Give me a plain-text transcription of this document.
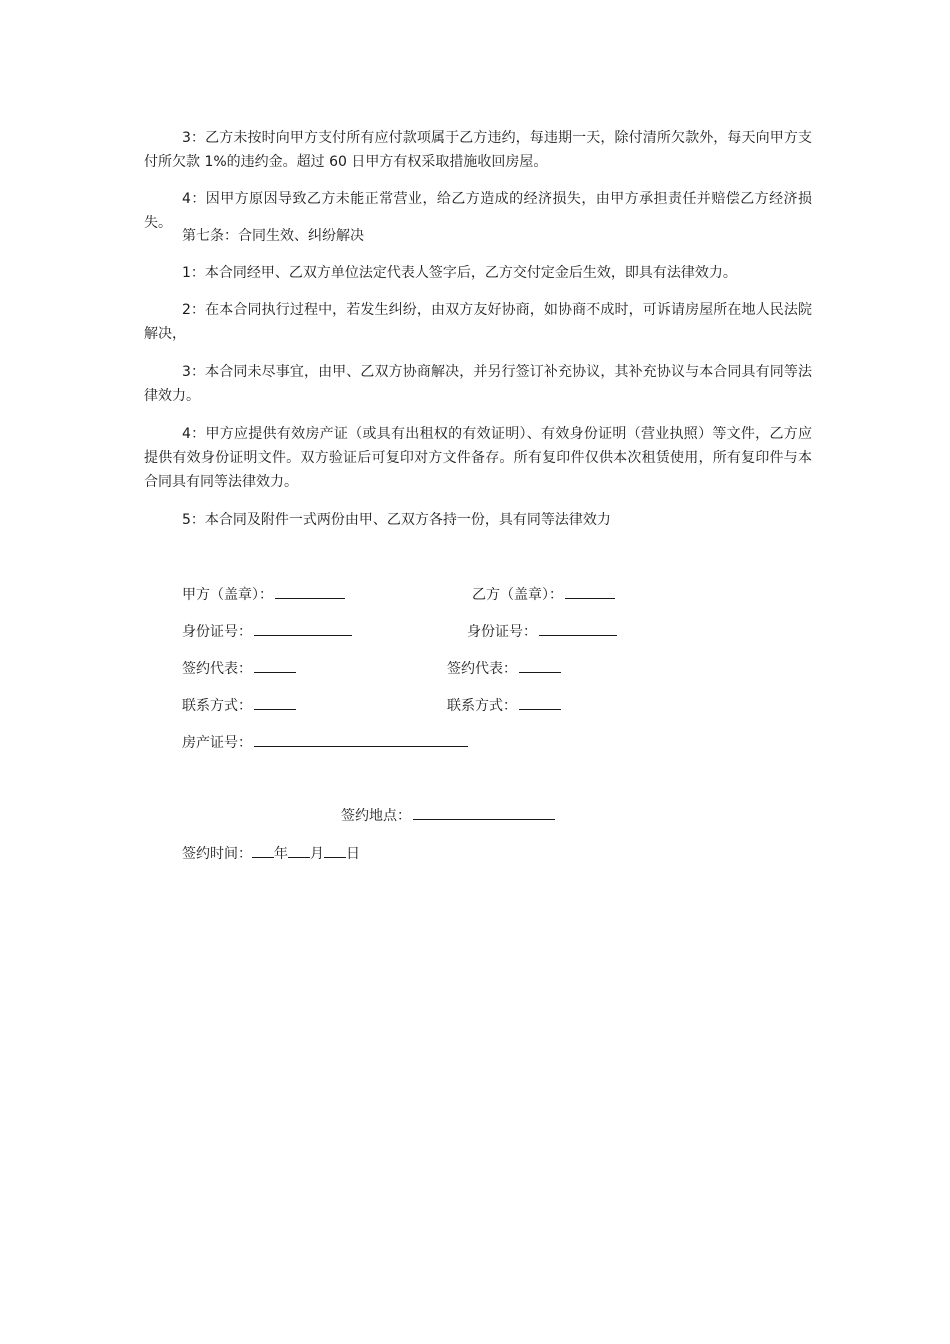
3：乙方未按时向甲方支付所有应付款项属于乙方违约，每违期一天，除付清所欠款外，每天向甲方支付所欠款 1%的违约金。超过 60 日甲方有权采取措施收回房屋。

4：因甲方原因导致乙方未能正常营业，给乙方造成的经济损失，由甲方承担责任并赔偿乙方经济损失。

第七条：合同生效、纠纷解决

1：本合同经甲、乙双方单位法定代表人签字后，乙方交付定金后生效，即具有法律效力。

2：在本合同执行过程中，若发生纠纷，由双方友好协商，如协商不成时，可诉请房屋所在地人民法院解决，

3：本合同未尽事宜，由甲、乙双方协商解决，并另行签订补充协议，其补充协议与本合同具有同等法律效力。

4：甲方应提供有效房产证（或具有出租权的有效证明）、有效身份证明（营业执照）等文件，乙方应提供有效身份证明文件。双方验证后可复印对方文件备存。所有复印件仅供本次租赁使用，所有复印件与本合同具有同等法律效力。

5：本合同及附件一式两份由甲、乙双方各持一份，具有同等法律效力

甲方（盖章）：	乙方（盖章）：
身份证号：	身份证号：
签约代表：	签约代表：
联系方式：	联系方式：
房产证号：
签约地点：
签约时间： 年 月 日
